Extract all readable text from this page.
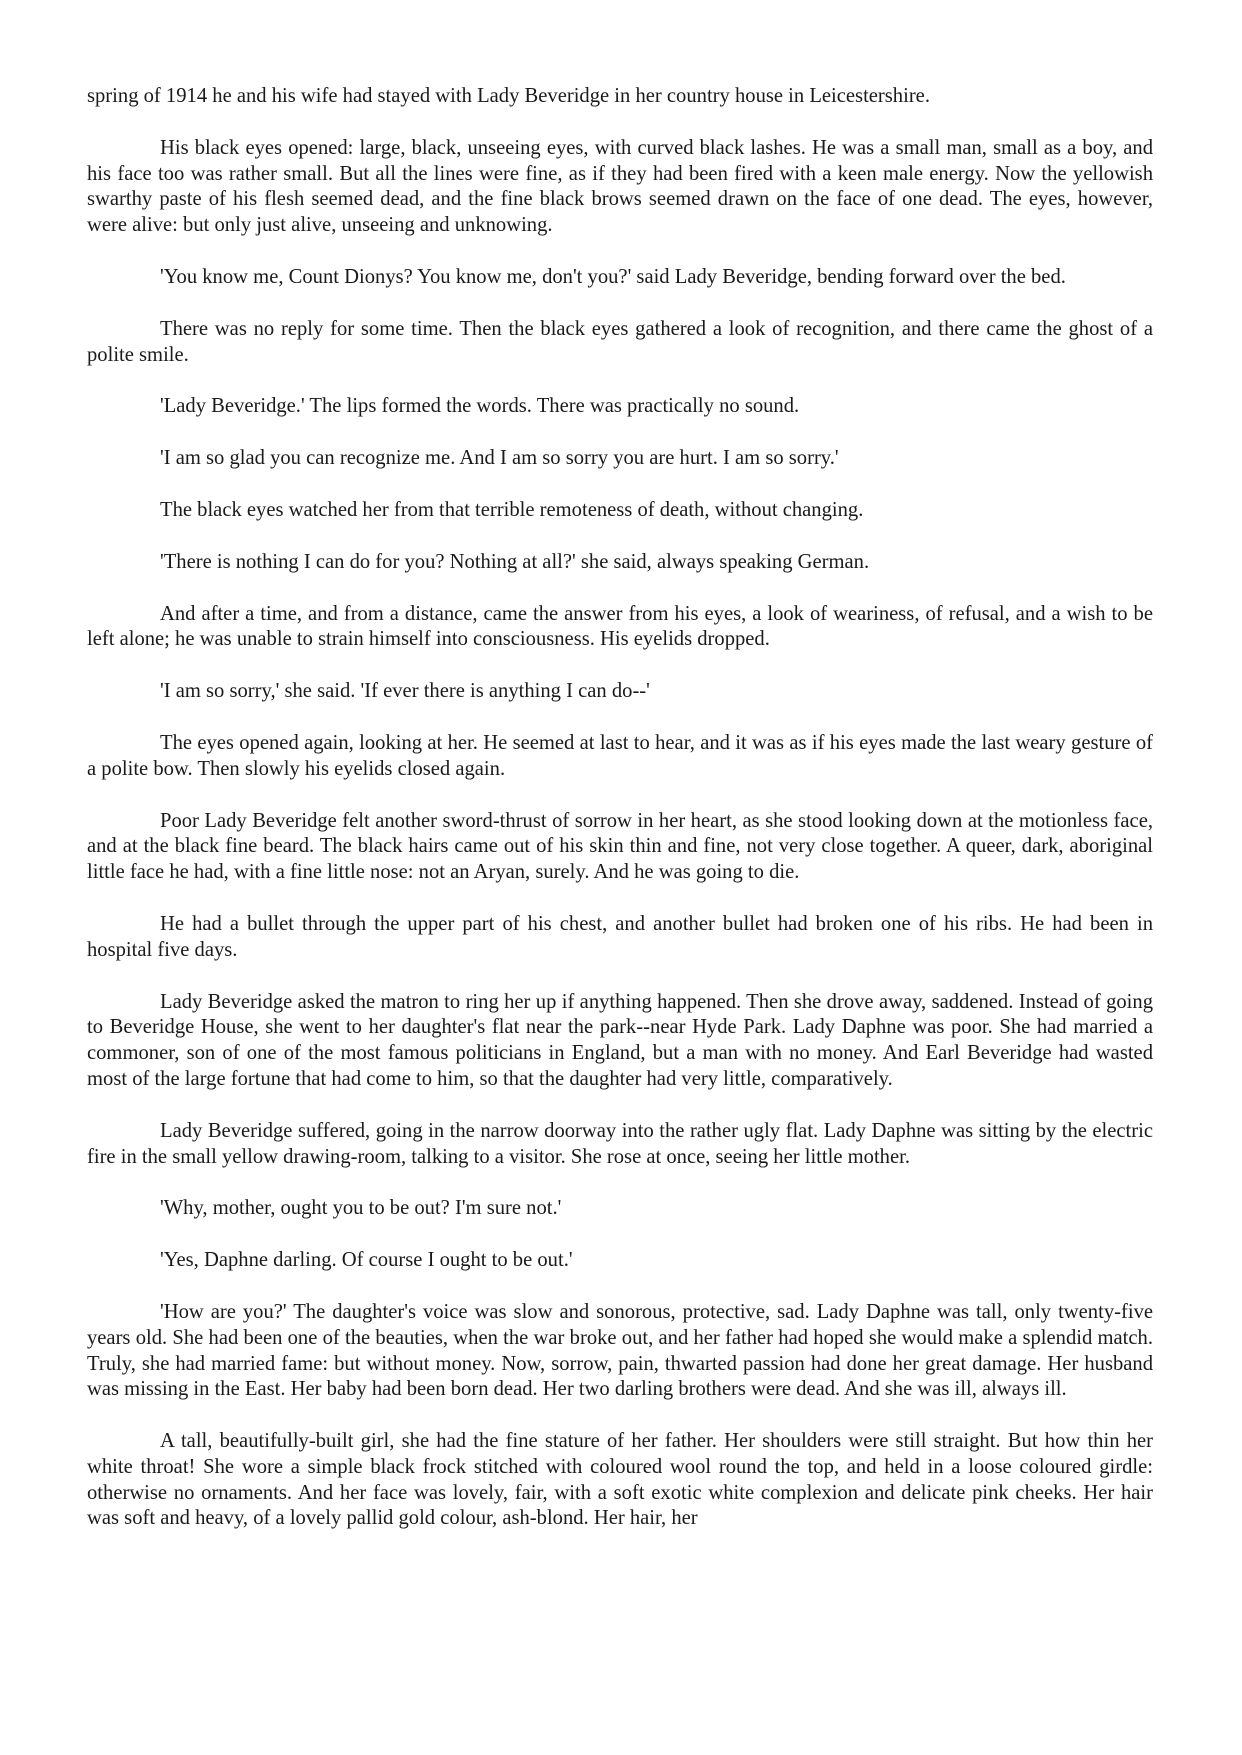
spring of 1914 he and his wife had stayed with Lady Beveridge in her country house in Leicestershire.

His black eyes opened: large, black, unseeing eyes, with curved black lashes. He was a small man, small as a boy, and his face too was rather small. But all the lines were fine, as if they had been fired with a keen male energy. Now the yellowish swarthy paste of his flesh seemed dead, and the fine black brows seemed drawn on the face of one dead. The eyes, however, were alive: but only just alive, unseeing and unknowing.

'You know me, Count Dionys? You know me, don't you?' said Lady Beveridge, bending forward over the bed.

There was no reply for some time. Then the black eyes gathered a look of recognition, and there came the ghost of a polite smile.

'Lady Beveridge.' The lips formed the words. There was practically no sound.

'I am so glad you can recognize me. And I am so sorry you are hurt. I am so sorry.'

The black eyes watched her from that terrible remoteness of death, without changing.

'There is nothing I can do for you? Nothing at all?' she said, always speaking German.

And after a time, and from a distance, came the answer from his eyes, a look of weariness, of refusal, and a wish to be left alone; he was unable to strain himself into consciousness. His eyelids dropped.

'I am so sorry,' she said. 'If ever there is anything I can do--'

The eyes opened again, looking at her. He seemed at last to hear, and it was as if his eyes made the last weary gesture of a polite bow. Then slowly his eyelids closed again.

Poor Lady Beveridge felt another sword-thrust of sorrow in her heart, as she stood looking down at the motionless face, and at the black fine beard. The black hairs came out of his skin thin and fine, not very close together. A queer, dark, aboriginal little face he had, with a fine little nose: not an Aryan, surely. And he was going to die.

He had a bullet through the upper part of his chest, and another bullet had broken one of his ribs. He had been in hospital five days.

Lady Beveridge asked the matron to ring her up if anything happened. Then she drove away, saddened. Instead of going to Beveridge House, she went to her daughter's flat near the park--near Hyde Park. Lady Daphne was poor. She had married a commoner, son of one of the most famous politicians in England, but a man with no money. And Earl Beveridge had wasted most of the large fortune that had come to him, so that the daughter had very little, comparatively.

Lady Beveridge suffered, going in the narrow doorway into the rather ugly flat. Lady Daphne was sitting by the electric fire in the small yellow drawing-room, talking to a visitor. She rose at once, seeing her little mother.

'Why, mother, ought you to be out? I'm sure not.'

'Yes, Daphne darling. Of course I ought to be out.'

'How are you?' The daughter's voice was slow and sonorous, protective, sad. Lady Daphne was tall, only twenty-five years old. She had been one of the beauties, when the war broke out, and her father had hoped she would make a splendid match. Truly, she had married fame: but without money. Now, sorrow, pain, thwarted passion had done her great damage. Her husband was missing in the East. Her baby had been born dead. Her two darling brothers were dead. And she was ill, always ill.

A tall, beautifully-built girl, she had the fine stature of her father. Her shoulders were still straight. But how thin her white throat! She wore a simple black frock stitched with coloured wool round the top, and held in a loose coloured girdle: otherwise no ornaments. And her face was lovely, fair, with a soft exotic white complexion and delicate pink cheeks. Her hair was soft and heavy, of a lovely pallid gold colour, ash-blond. Her hair, her
